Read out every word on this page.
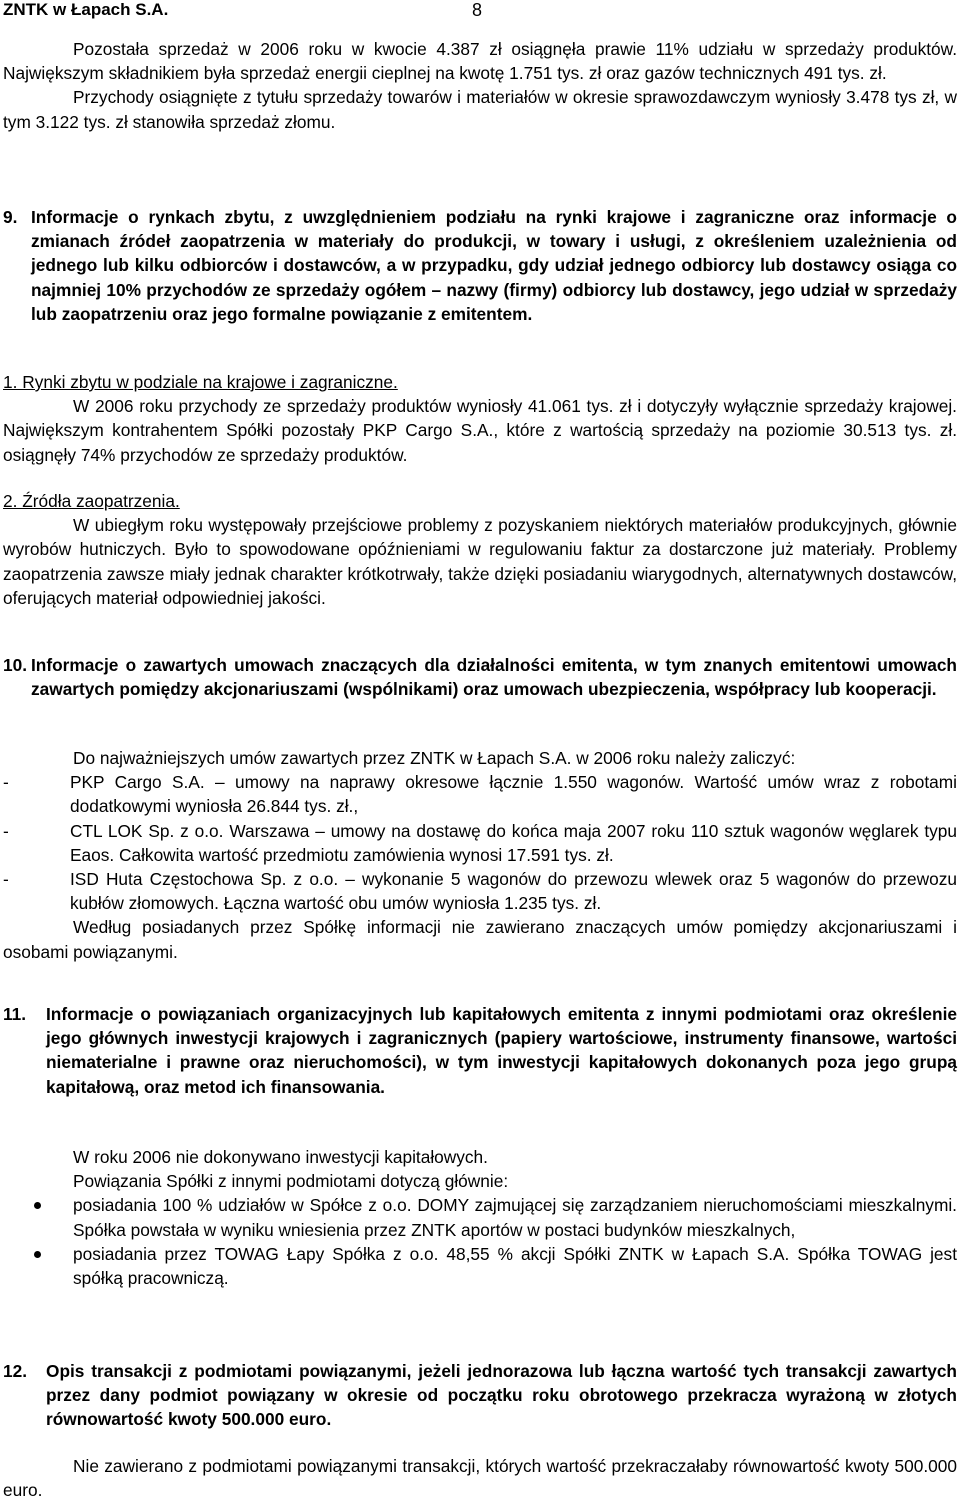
ZNTK w Łapach S.A.	8

Pozostała sprzedaż w 2006 roku w kwocie 4.387 zł osiągnęła prawie 11% udziału w sprzedaży produktów. Największym składnikiem była sprzedaż energii cieplnej na kwotę 1.751 tys. zł oraz gazów technicznych 491 tys. zł.

Przychody osiągnięte z tytułu sprzedaży towarów i materiałów w okresie sprawozdawczym wyniosły 3.478 tys zł, w tym 3.122 tys. zł stanowiła sprzedaż złomu.

9. Informacje o rynkach zbytu, z uwzględnieniem podziału na rynki krajowe i zagraniczne oraz informacje o zmianach źródeł zaopatrzenia w materiały do produkcji, w towary i usługi, z określeniem uzależnienia od jednego lub kilku odbiorców i dostawców, a w przypadku, gdy udział jednego odbiorcy lub dostawcy osiąga co najmniej 10% przychodów ze sprzedaży ogółem – nazwy (firmy) odbiorcy lub dostawcy, jego udział w sprzedaży lub zaopatrzeniu oraz jego formalne powiązanie z emitentem.

1. Rynki zbytu w podziale na krajowe i zagraniczne.

W 2006 roku przychody ze sprzedaży produktów wyniosły 41.061 tys. zł i dotyczyły wyłącznie sprzedaży krajowej. Największym kontrahentem Spółki pozostały PKP Cargo S.A., które z wartością sprzedaży na poziomie 30.513 tys. zł. osiągnęły 74% przychodów ze sprzedaży produktów.

2. Źródła zaopatrzenia.

W ubiegłym roku występowały przejściowe problemy z pozyskaniem niektórych materiałów produkcyjnych, głównie wyrobów hutniczych. Było to spowodowane opóźnieniami w regulowaniu faktur za dostarczone już materiały. Problemy zaopatrzenia zawsze miały jednak charakter krótkotrwały, także dzięki posiadaniu wiarygodnych, alternatywnych dostawców, oferujących materiał odpowiedniej jakości.

10. Informacje o zawartych umowach znaczących dla działalności emitenta, w tym znanych emitentowi umowach zawartych pomiędzy akcjonariuszami (wspólnikami) oraz umowach ubezpieczenia, współpracy lub kooperacji.

Do najważniejszych umów zawartych przez ZNTK w Łapach S.A. w 2006 roku należy zaliczyć:

-	PKP Cargo S.A. – umowy na naprawy okresowe łącznie 1.550 wagonów. Wartość umów wraz z robotami dodatkowymi wyniosła 26.844 tys. zł.,
-	CTL LOK Sp. z o.o. Warszawa – umowy na dostawę do końca maja 2007 roku 110 sztuk wagonów węglarek typu Eaos. Całkowita wartość przedmiotu zamówienia wynosi 17.591 tys. zł.
-	ISD Huta Częstochowa Sp. z o.o. – wykonanie 5 wagonów do przewozu wlewek oraz 5 wagonów do przewozu kubłów złomowych. Łączna wartość obu umów wyniosła 1.235 tys. zł.

Według posiadanych przez Spółkę informacji nie zawierano znaczących umów pomiędzy akcjonariuszami i osobami powiązanymi.

11. Informacje o powiązaniach organizacyjnych lub kapitałowych emitenta z innymi podmiotami oraz określenie jego głównych inwestycji krajowych i zagranicznych (papiery wartościowe, instrumenty finansowe, wartości niematerialne i prawne oraz nieruchomości), w tym inwestycji kapitałowych dokonanych poza jego grupą kapitałową, oraz metod ich finansowania.

W roku 2006 nie dokonywano inwestycji kapitałowych.

Powiązania Spółki z innymi podmiotami dotyczą głównie:

posiadania 100 % udziałów w Spółce z o.o. DOMY zajmującej się zarządzaniem nieruchomościami mieszkalnymi. Spółka powstała w wyniku wniesienia przez ZNTK aportów w postaci budynków mieszkalnych,
posiadania przez TOWAG Łapy Spółka z o.o. 48,55 % akcji Spółki ZNTK w Łapach S.A. Spółka TOWAG jest spółką pracowniczą.
12. Opis transakcji z podmiotami powiązanymi, jeżeli jednorazowa lub łączna wartość tych transakcji zawartych przez dany podmiot powiązany w okresie od początku roku obrotowego przekracza wyrażoną w złotych równowartość kwoty 500.000 euro.

Nie zawierano z podmiotami powiązanymi transakcji, których wartość przekraczałaby równowartość kwoty 500.000 euro.
